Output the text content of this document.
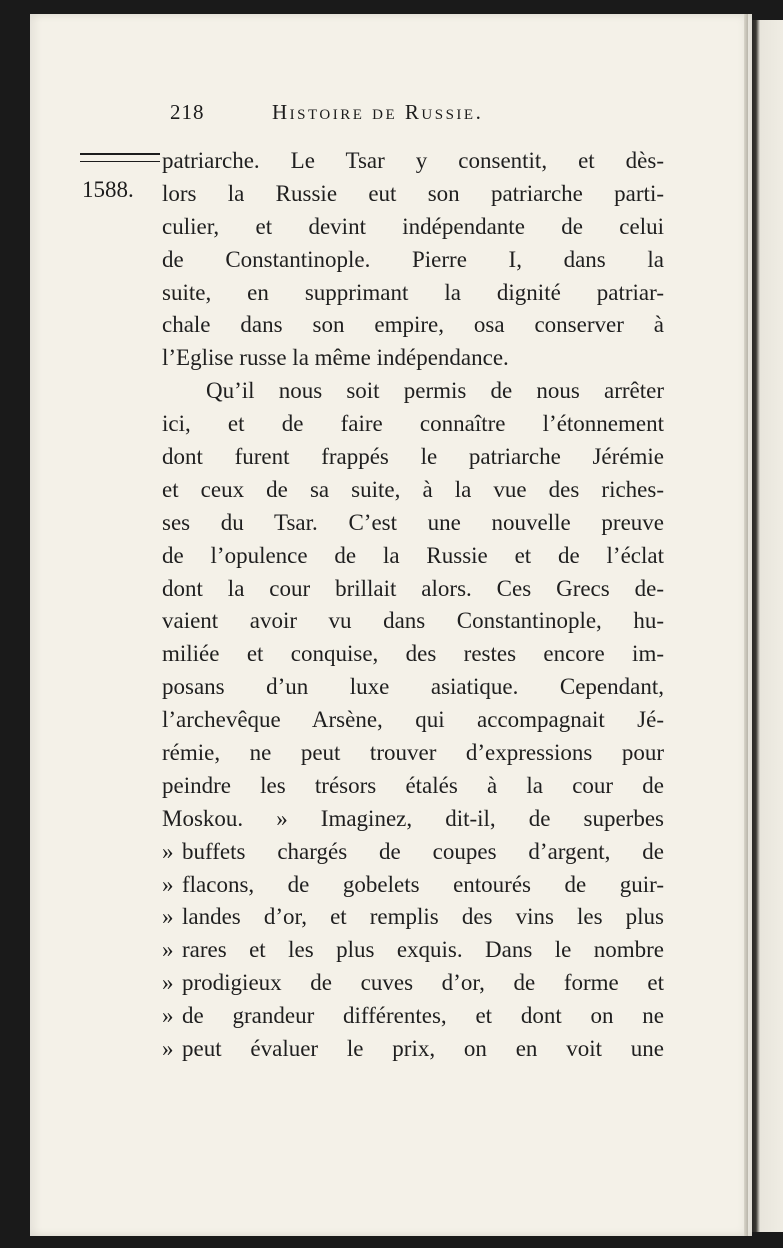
218	Histoire de Russie.
1588.
patriarche. Le Tsar y consentit, et dès-
lors la Russie eut son patriarche parti-
culier, et devint indépendante de celui
de Constantinople. Pierre I, dans la
suite, en supprimant la dignité patriar-
chale dans son empire, osa conserver à
l’Eglise russe la même indépendance.
Qu’il nous soit permis de nous arrêter
ici, et de faire connaître l’étonnement
dont furent frappés le patriarche Jérémie
et ceux de sa suite, à la vue des riches-
ses du Tsar. C’est une nouvelle preuve
de l’opulence de la Russie et de l’éclat
dont la cour brillait alors. Ces Grecs de-
vaient avoir vu dans Constantinople, hu-
miliée et conquise, des restes encore im-
posans d’un luxe asiatique. Cependant,
l’archevêque Arsène, qui accompagnait Jé-
rémie, ne peut trouver d’expressions pour
peindre les trésors étalés à la cour de
Moskou. » Imaginez, dit-il, de superbes
» buffets chargés de coupes d’argent, de
» flacons, de gobelets entourés de guir-
» landes d’or, et remplis des vins les plus
» rares et les plus exquis. Dans le nombre
» prodigieux de cuves d’or, de forme et
» de grandeur différentes, et dont on ne
» peut évaluer le prix, on en voit une
